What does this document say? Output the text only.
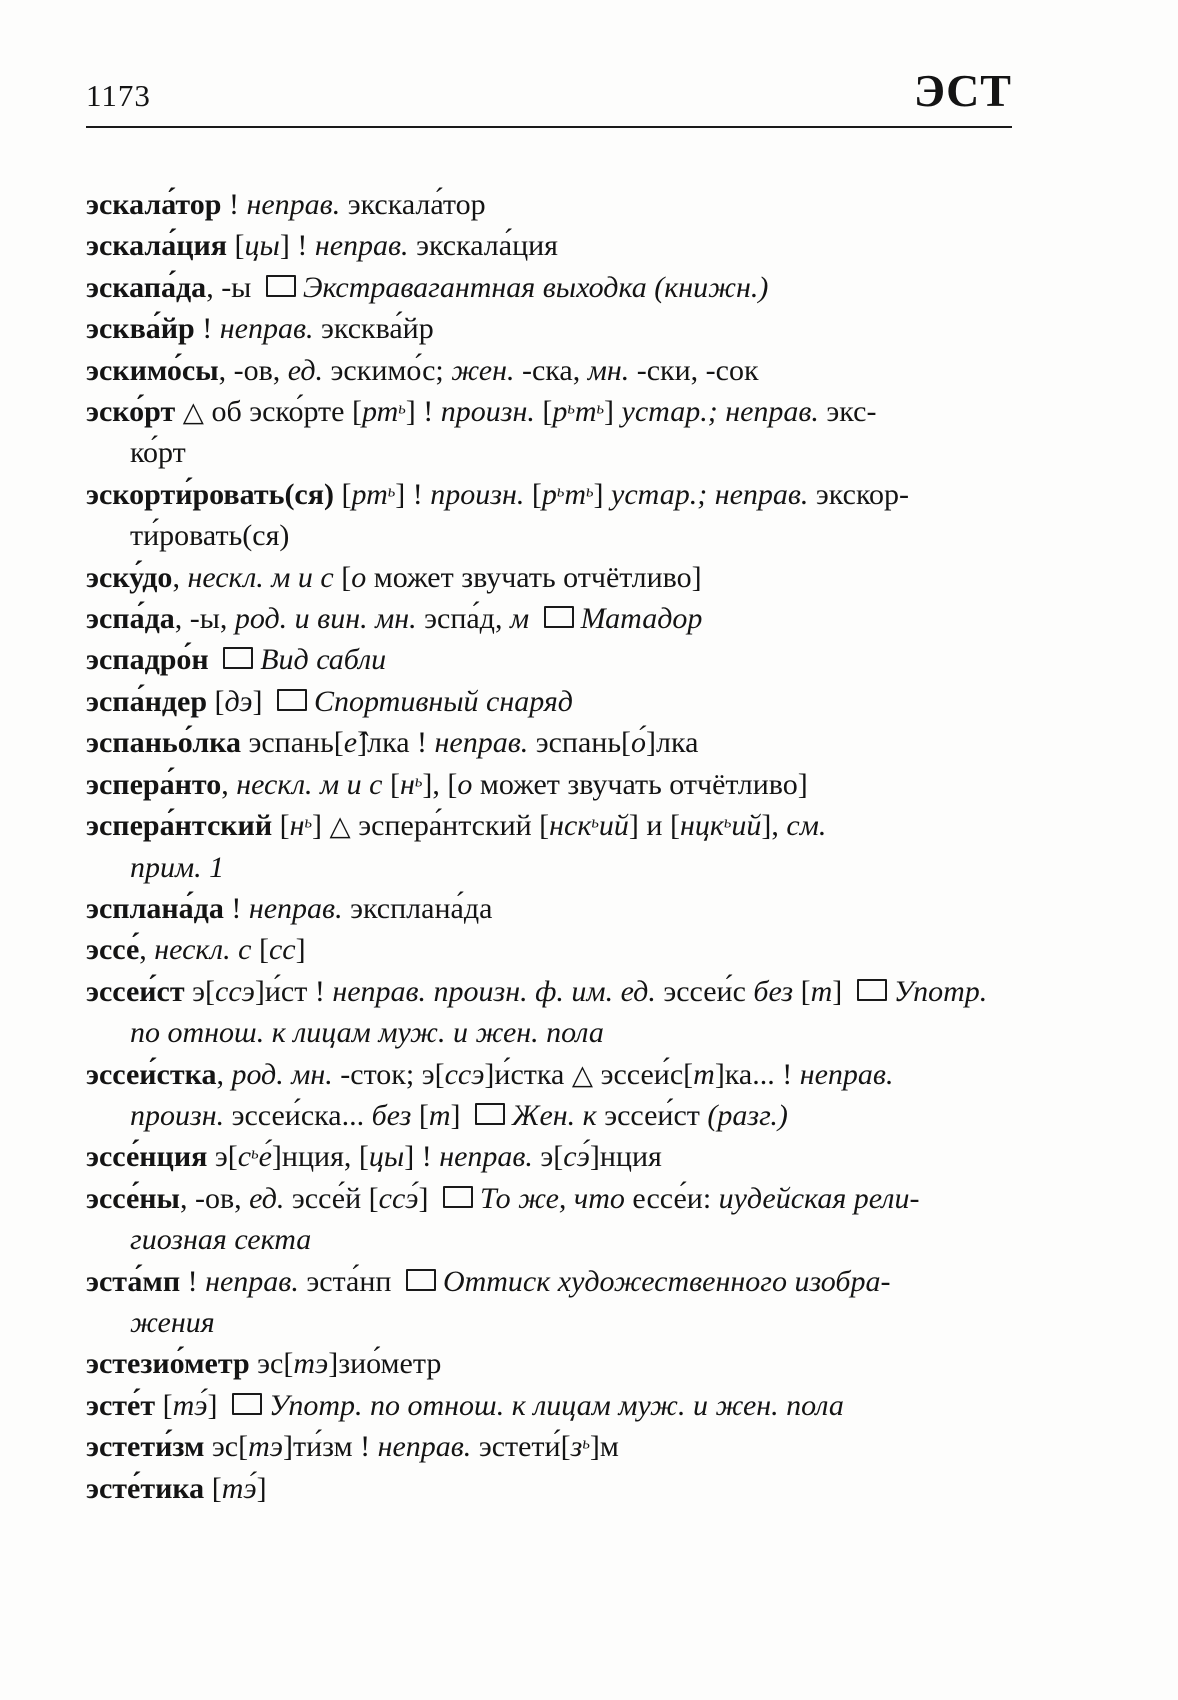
1173	ЭСТ
эскала́тор ! неправ. экскала́тор
эскала́ция [цы] ! неправ. экскала́ция
эскапа́да, -ы Экстравагантная выходка (книжн.)
эсква́йр ! неправ. эксква́йр
эскимо́сы, -ов, ед. эскимо́с; жен. -ска, мн. -ски, -сок
эско́рт △ об эско́рте $[рт^ь]$ ! произн. $[р^ьт^ь]$ устар.; неправ. экс-
ко́рт
эскорти́ровать(ся) $[рт^ь]$ ! произн. $[р^ьт^ь]$ устар.; неправ. экскор-
ти́ровать(ся)
эску́до, нескл. м и с [о может звучать отчётливо]
эспа́да, -ы, род. и вин. мн. эспа́д, м Матадор
эспадро́н Вид сабли
эспа́ндер [дэ] Спортивный снаряд
эспаньо́лка эспань[е̂]лка ! неправ. эспань[о́]лка
эспера́нто, нескл. м и с $[н^ь]$, [о может звучать отчётливо]
эспера́нтский $[н^ь]$ △ эспера́нтский [нск$^ь$ий] и [нцк$^ь$ий], см.
прим. 1
эсплана́да ! неправ. эксплана́да
эссе́, нескл. с [сс]
эссеи́ст э[ссэ]и́ст ! неправ. произн. ф. им. ед. эссеи́с без [т] Употр.
по отнош. к лицам муж. и жен. пола
эссеи́стка, род. мн. -сток; э[ссэ]и́стка △ эссеи́с[т]ка... ! неправ.
произн. эссеи́ска... без [т] Жен. к эссеи́ст (разг.)
эссе́нция $э[с^ье́]нция$, [цы] ! неправ. э[сэ́]нция
эссе́ны, -ов, ед. эссе́й [ссэ́] То же, что ессе́и: иудейская рели-
гиозная секта
эста́мп ! неправ. эста́нп Оттиск художественного изобра-
жения
эстезио́метр эс[тэ]зио́метр
эсте́т [тэ́] Употр. по отнош. к лицам муж. и жен. пола
эстети́зм эс[тэ]ти́зм ! неправ. $эстети́[з^ь]м$
эсте́тика [тэ́]
